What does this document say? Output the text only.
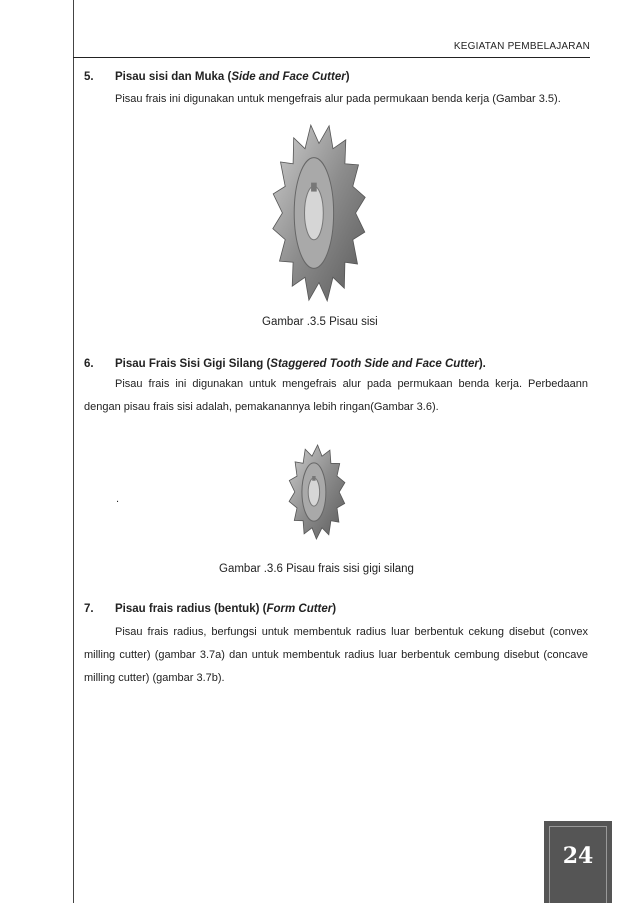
KEGIATAN PEMBELAJARAN
5.	Pisau sisi dan Muka (Side and Face Cutter)
Pisau frais ini digunakan untuk mengefrais alur pada permukaan benda kerja (Gambar 3.5).
Gambar .3.5 Pisau sisi
6.	Pisau Frais Sisi Gigi Silang (Staggered Tooth Side and Face Cutter).
Pisau frais ini digunakan untuk mengefrais alur pada permukaan benda kerja. Perbedaann dengan pisau frais sisi adalah, pemakanannya lebih ringan(Gambar 3.6).
.
Gambar .3.6 Pisau frais sisi gigi silang
7.	Pisau frais radius (bentuk) (Form Cutter)
Pisau frais radius, berfungsi untuk membentuk radius luar berbentuk cekung disebut (convex milling cutter) (gambar 3.7a) dan untuk membentuk radius luar berbentuk cembung disebut (concave milling cutter) (gambar 3.7b).
24
